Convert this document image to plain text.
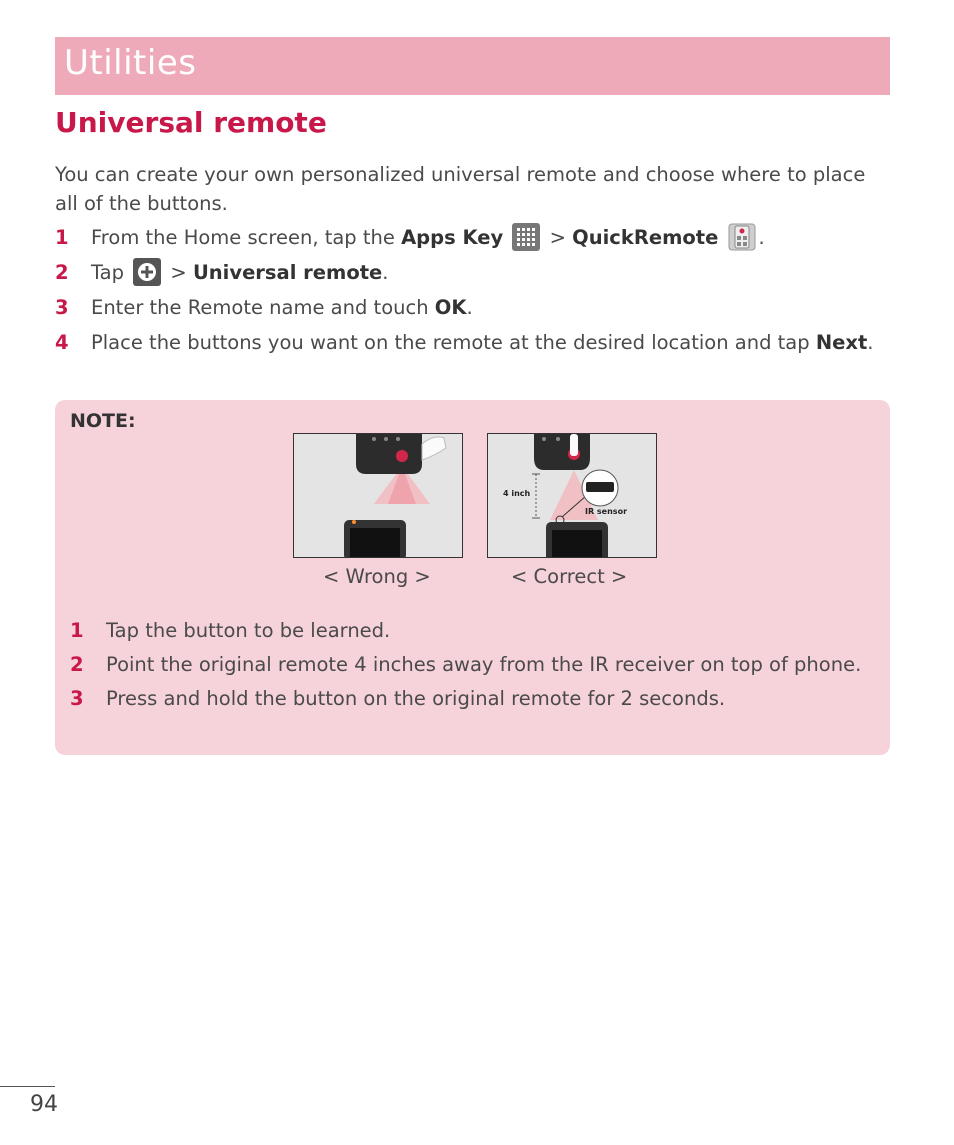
Utilities
Universal remote

You can create your own personalized universal remote and choose where to place all of the buttons.

1 From the Home screen, tap the Apps Key  > QuickRemote .
2 Tap  > Universal remote.
3 Enter the Remote name and touch OK.
4 Place the buttons you want on the remote at the desired location and tap Next.
NOTE:
4 inch
IR sensor
< Wrong >	< Correct >
1 Tap the button to be learned.
2 Point the original remote 4 inches away from the IR receiver on top of phone.
3 Press and hold the button on the original remote for 2 seconds.
94
